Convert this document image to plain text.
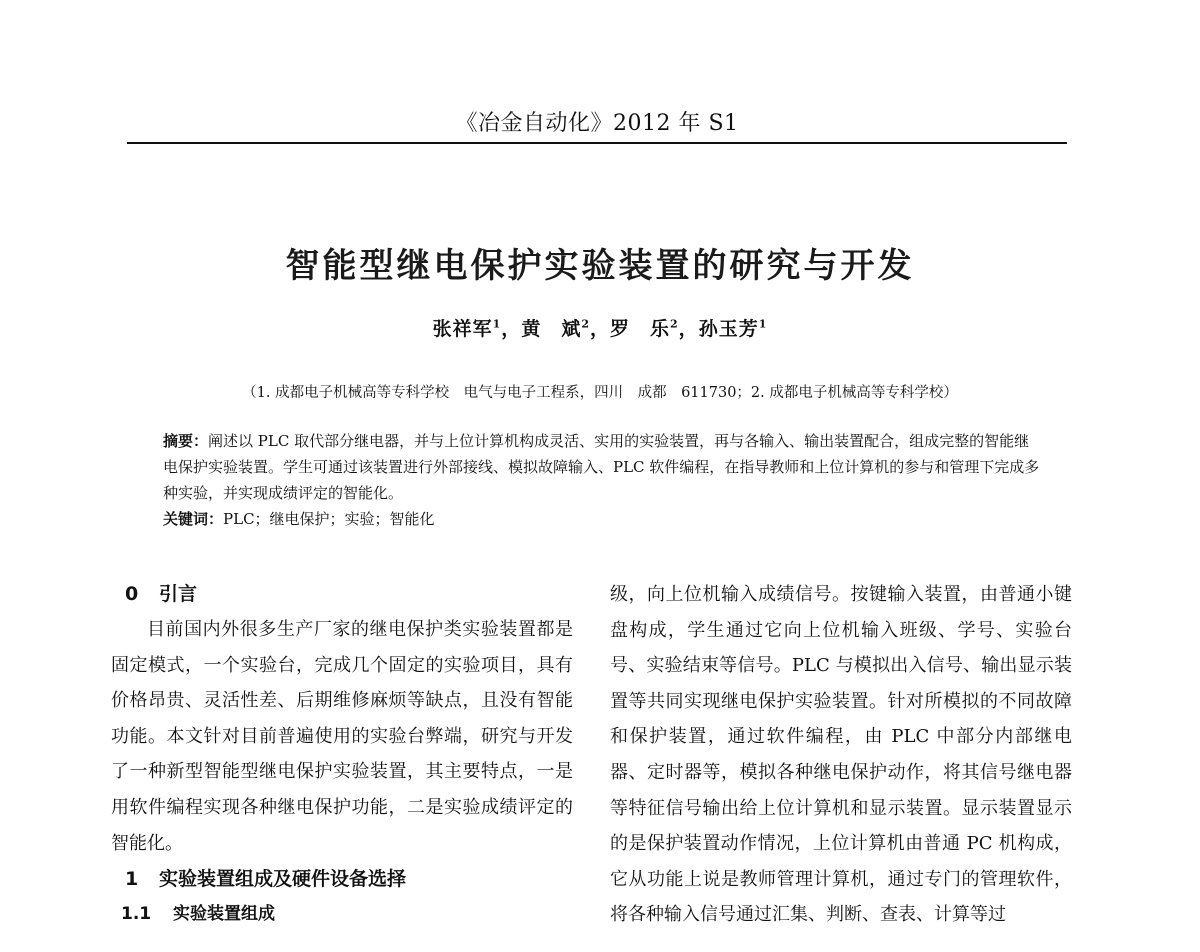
《冶金自动化》2012 年 S1
智能型继电保护实验装置的研究与开发
张祥军$^1$，黄　斌$^2$，罗　乐$^2$，孙玉芳$^1$
（1. 成都电子机械高等专科学校　电气与电子工程系，四川　成都　611730；2. 成都电子机械高等专科学校）

摘要：阐述以 PLC 取代部分继电器，并与上位计算机构成灵活、实用的实验装置，再与各输入、输出装置配合，组成完整的智能继电保护实验装置。学生可通过该装置进行外部接线、模拟故障输入、PLC 软件编程，在指导教师和上位计算机的参与和管理下完成多种实验，并实现成绩评定的智能化。

关键词：PLC；继电保护；实验；智能化

0 引言

目前国内外很多生产厂家的继电保护类实验装置都是固定模式，一个实验台，完成几个固定的实验项目，具有价格昂贵、灵活性差、后期维修麻烦等缺点，且没有智能功能。本文针对目前普遍使用的实验台弊端，研究与开发了一种新型智能型继电保护实验装置，其主要特点，一是用软件编程实现各种继电保护功能，二是实验成绩评定的智能化。

1 实验装置组成及硬件设备选择
1.1 实验装置组成

级，向上位机输入成绩信号。按键输入装置，由普通小键盘构成，学生通过它向上位机输入班级、学号、实验台号、实验结束等信号。PLC 与模拟出入信号、输出显示装置等共同实现继电保护实验装置。针对所模拟的不同故障和保护装置，通过软件编程，由 PLC 中部分内部继电器、定时器等，模拟各种继电保护动作，将其信号继电器等特征信号输出给上位计算机和显示装置。显示装置显示的是保护装置动作情况，上位计算机由普通 PC 机构成，它从功能上说是教师管理计算机，通过专门的管理软件，将各种输入信号通过汇集、判断、查表、计算等过
